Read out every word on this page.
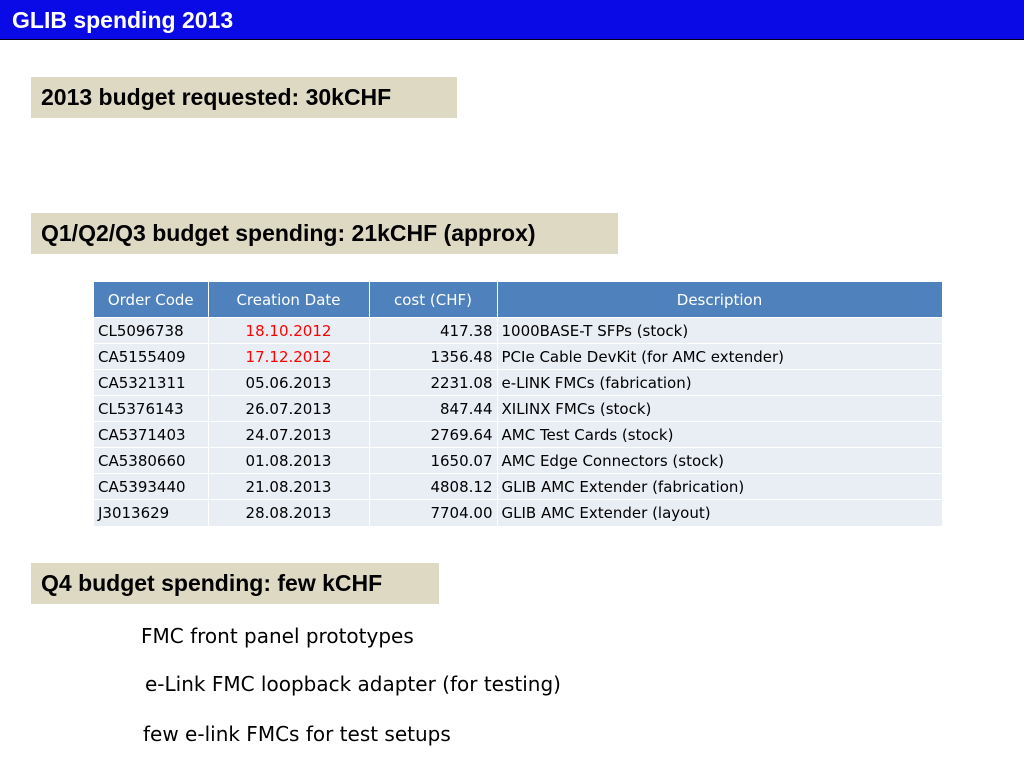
GLIB spending 2013
2013 budget requested: 30kCHF
Q1/Q2/Q3 budget spending: 21kCHF (approx)
Order Code	Creation Date	cost (CHF)	Description
CL5096738	18.10.2012	417.38	1000BASE-T SFPs (stock)
CA5155409	17.12.2012	1356.48	PCIe Cable DevKit (for AMC extender)
CA5321311	05.06.2013	2231.08	e-LINK FMCs (fabrication)
CL5376143	26.07.2013	847.44	XILINX FMCs (stock)
CA5371403	24.07.2013	2769.64	AMC Test Cards (stock)
CA5380660	01.08.2013	1650.07	AMC Edge Connectors (stock)
CA5393440	21.08.2013	4808.12	GLIB AMC Extender (fabrication)
J3013629	28.08.2013	7704.00	GLIB AMC Extender (layout)
Q4 budget spending: few kCHF
FMC front panel prototypes
e-Link FMC loopback adapter (for testing)
few e-link FMCs for test setups
